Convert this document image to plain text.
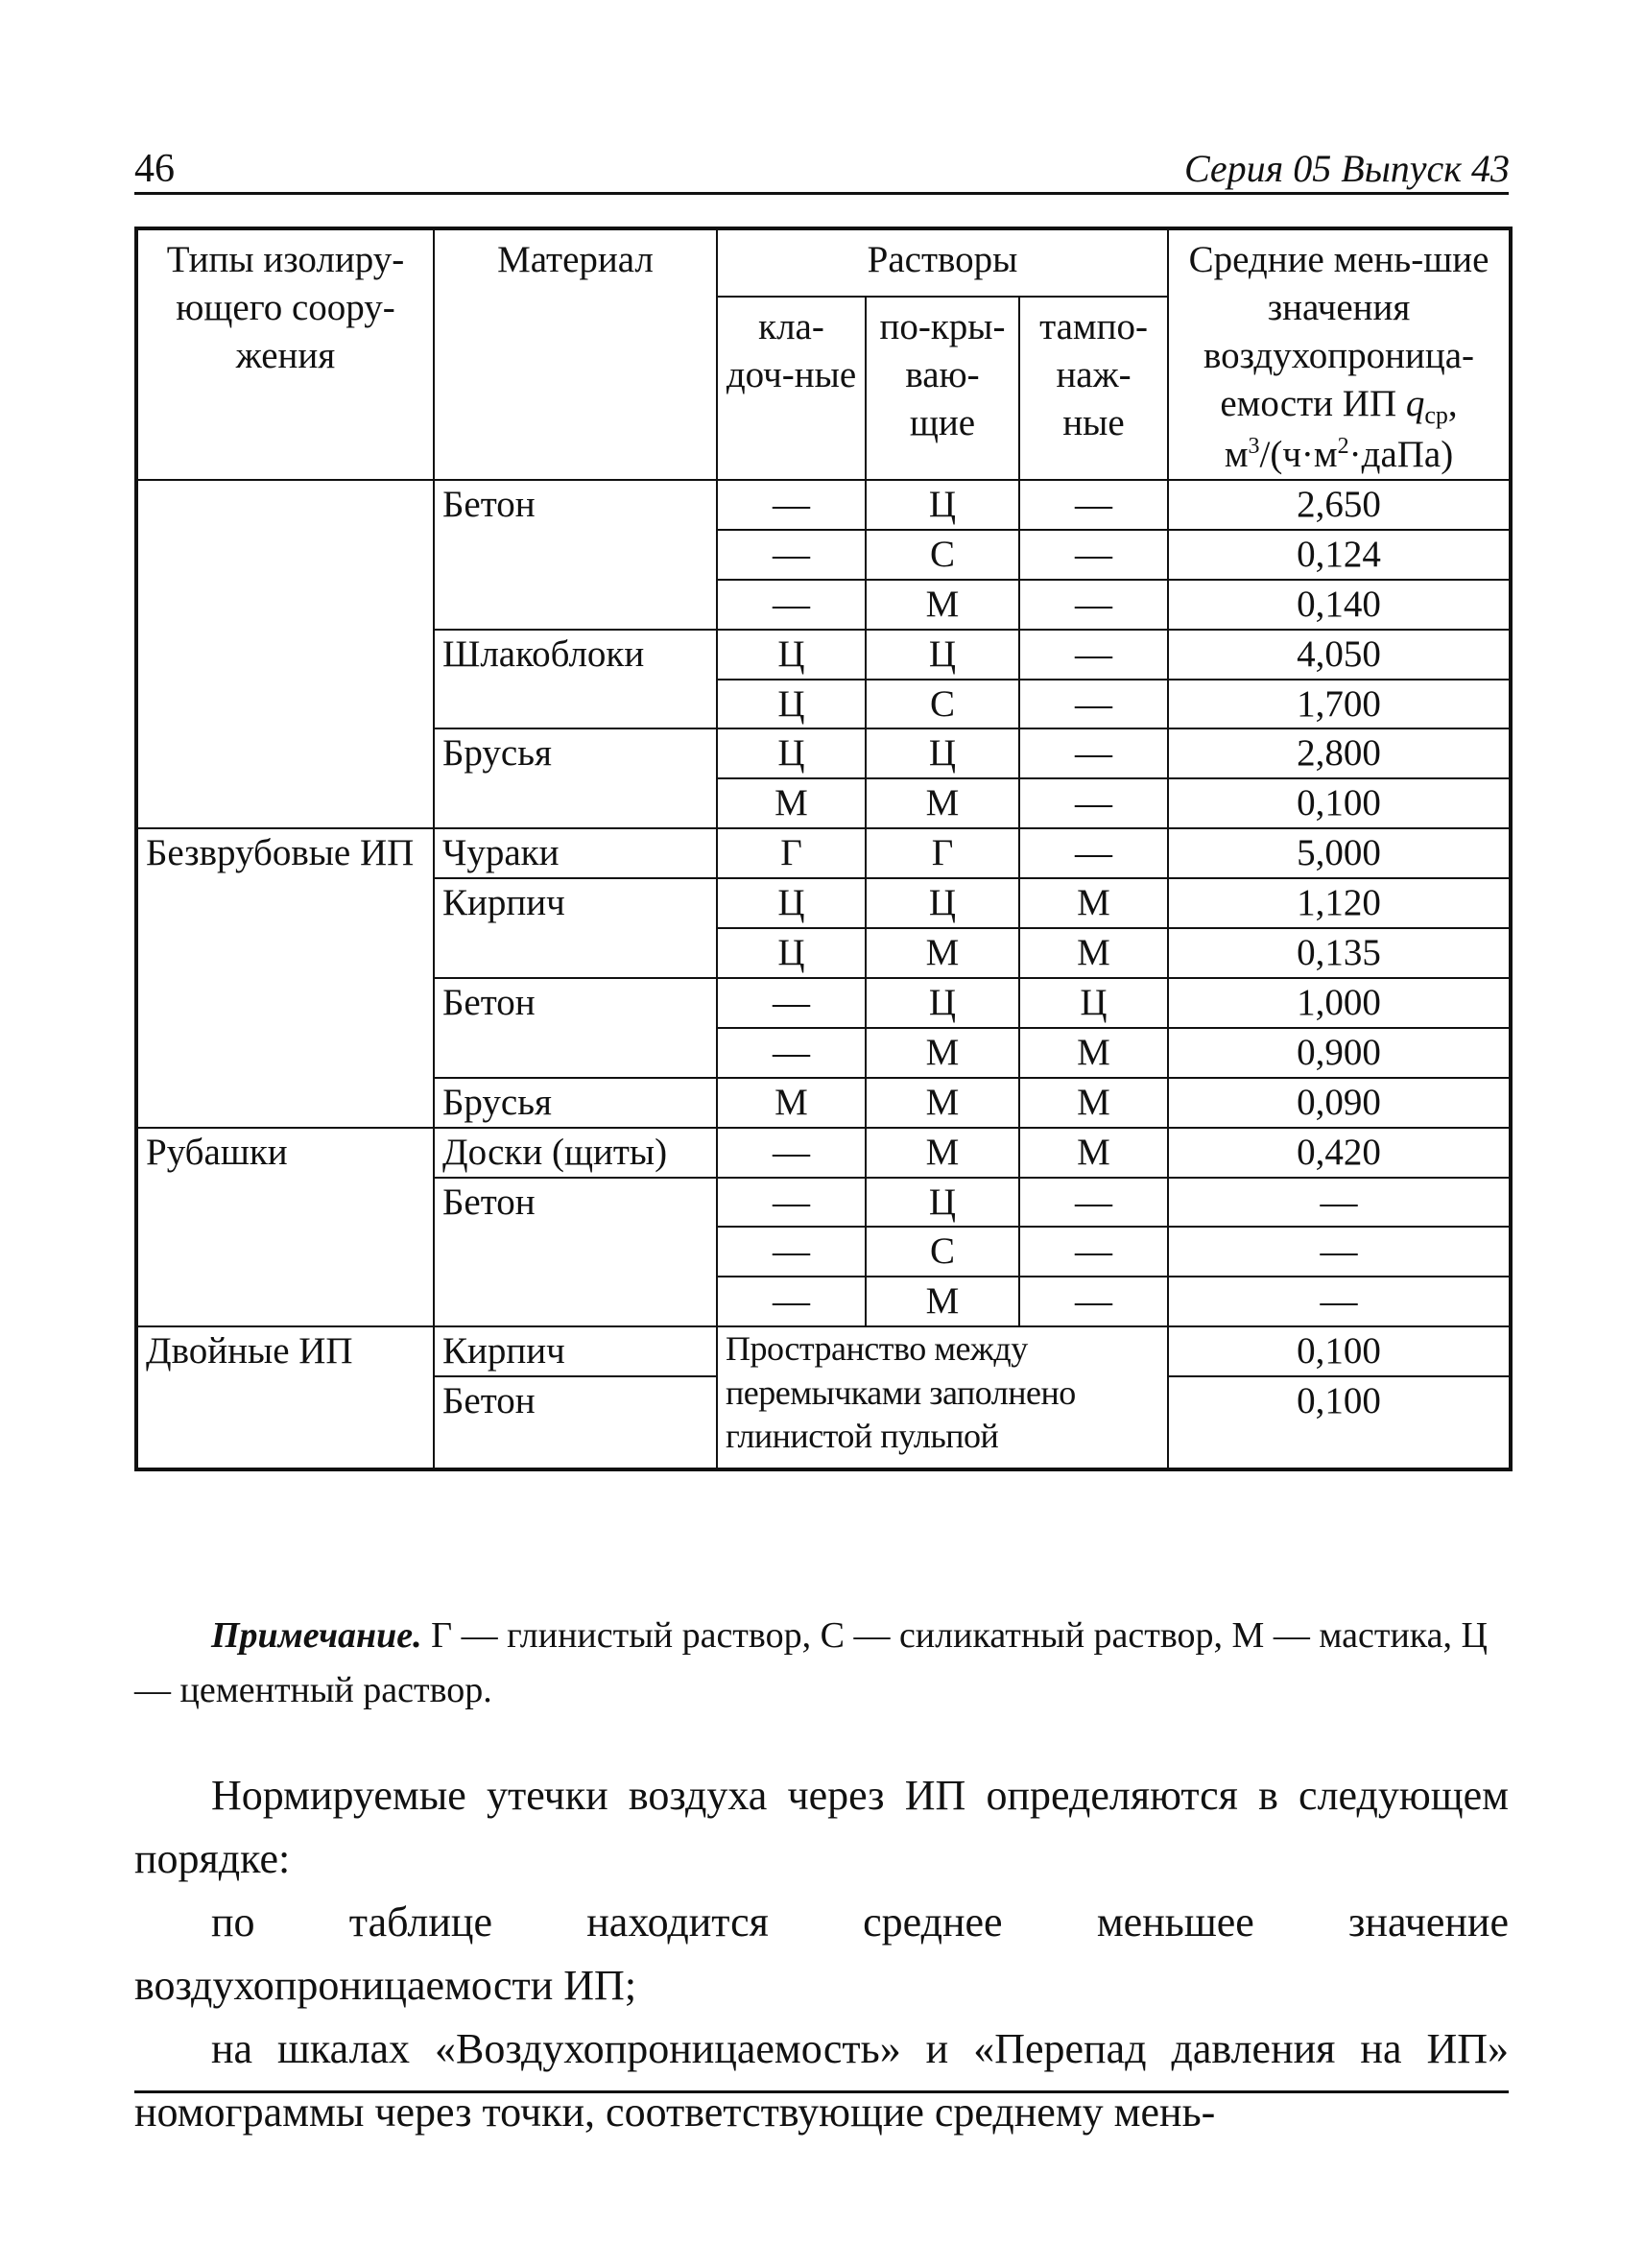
46	Серия 05 Выпуск 43
Типы изолиру-ющего соору-жения	Материал	Растворы			Средние мень-шие значения воздухопроница-емости ИП $q_{ср}$, $м^3/(ч\cdot м^2\cdot даПа)$
		кла-доч-ные	по-кры-ваю-щие	тампо-наж-ные	
	Бетон	—	Ц	—	2,650
		—	С	—	0,124
		—	М	—	0,140
	Шлакоблоки	Ц	Ц	—	4,050
		Ц	С	—	1,700
	Брусья	Ц	Ц	—	2,800
		М	М	—	0,100
Безврубовые ИП	Чураки	Г	Г	—	5,000
	Кирпич	Ц	Ц	М	1,120
		Ц	М	М	0,135
	Бетон	—	Ц	Ц	1,000
		—	М	М	0,900
	Брусья	М	М	М	0,090
Рубашки	Доски (щиты)	—	М	М	0,420
	Бетон	—	Ц	—	—
		—	С	—	—
		—	М	—	—
Двойные ИП	Кирпич	Пространство между перемычками заполнено глинистой пульпой			0,100
	Бетон				0,100
Примечание. Г — глинистый раствор, С — силикатный раствор, М — мастика, Ц — цементный раствор.

Нормируемые утечки воздуха через ИП определяются в следующем порядке:

по таблице находится среднее меньшее значение воздухопроницаемости ИП;

на шкалах «Воздухопроницаемость» и «Перепад давления на ИП» номограммы через точки, соответствующие среднему мень-
